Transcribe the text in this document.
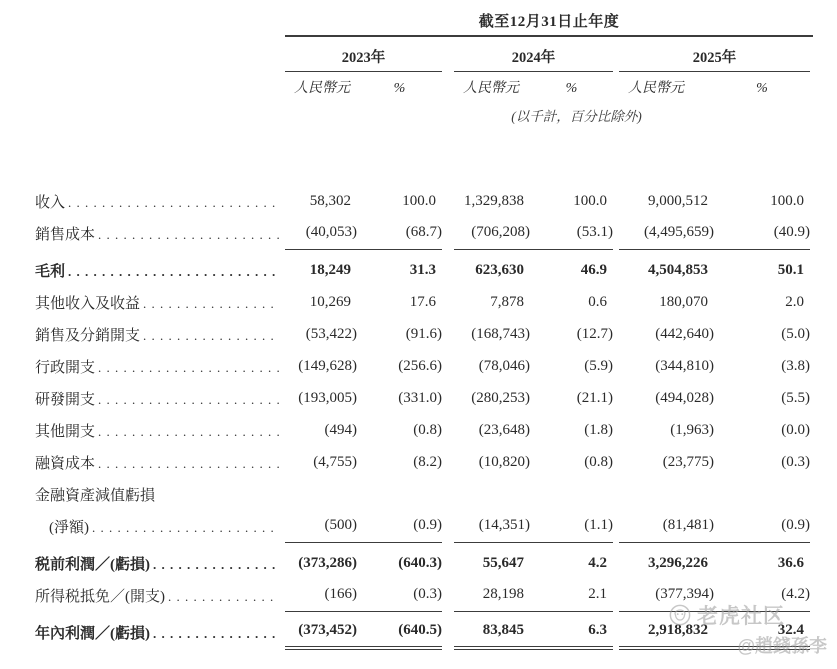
截至12月31日止年度
2023年	2024年	2025年
人民幣元	%	人民幣元	%	人民幣元	%
(以千計，百分比除外)
收入 . . .	58,302	100.0	1,329,838	100.0	9,000,512	100.0
銷售成本 . . .	(40,053)	(68.7)	(706,208)	(53.1)	(4,495,659)	(40.9)
毛利 . . .	18,249	31.3	623,630	46.9	4,504,853	50.1
其他收入及收益 . . .	10,269	17.6	7,878	0.6	180,070	2.0
銷售及分銷開支 . . .	(53,422)	(91.6)	(168,743)	(12.7)	(442,640)	(5.0)
行政開支 . . .	(149,628)	(256.6)	(78,046)	(5.9)	(344,810)	(3.8)
研發開支 . . .	(193,005)	(331.0)	(280,253)	(21.1)	(494,028)	(5.5)
其他開支 . . .	(494)	(0.8)	(23,648)	(1.8)	(1,963)	(0.0)
融資成本 . . .	(4,755)	(8.2)	(10,820)	(0.8)	(23,775)	(0.3)
金融資產減值虧損
(淨額) . . .	(500)	(0.9)	(14,351)	(1.1)	(81,481)	(0.9)
税前利潤／(虧損) . . .	(373,286)	(640.3)	55,647	4.2	3,296,226	36.6
所得税抵免／(開支) . . .	(166)	(0.3)	28,198	2.1	(377,394)	(4.2)
年內利潤／(虧損) . . .	(373,452)	(640.5)	83,845	6.3	2,918,832	32.4
老虎社区
@趙錢孫李
